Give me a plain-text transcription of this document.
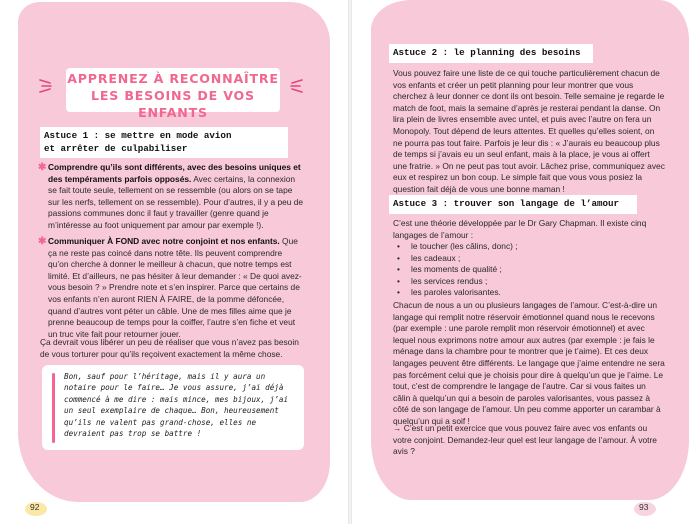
APPRENEZ À RECONNAÎTRE
LES BESOINS DE VOS ENFANTS
Astuce 1 : se mettre en mode avion
et arrêter de culpabiliser
✱ Comprendre qu’ils sont différents, avec des besoins uniques et des tempéraments parfois opposés. Avec certains, la connexion se fait toute seule, tellement on se ressemble (ou alors on se tape sur les nerfs, tellement on se ressemble). Pour d’autres, il y a peu de passions communes donc il faut y travailler (genre quand je m’intéresse au foot uniquement par amour par exemple !).
✱ Communiquer À FOND avec notre conjoint et nos enfants. Que ça ne reste pas coincé dans notre tête. Ils peuvent comprendre qu’on cherche à donner le meilleur à chacun, que notre temps est limité. Et d’ailleurs, ne pas hésiter à leur demander : « De quoi avez-vous besoin ? » Prendre note et s’en inspirer. Parce que certains de vos enfants n’en auront RIEN À FAIRE, de la pomme défoncée, quand d’autres vont péter un câble. Une de mes filles aime que je prenne beaucoup de temps pour la coiffer, l’autre s’en fiche et veut un truc vite fait pour retourner jouer.
Ça devrait vous libérer un peu de réaliser que vous n’avez pas besoin de vous torturer pour qu’ils reçoivent exactement la même chose.
Bon, sauf pour l’héritage, mais il y aura un notaire pour le faire… Je vous assure, j’ai déjà commencé à me dire : mais mince, mes bijoux, j’ai un seul exemplaire de chaque… Bon, heureusement qu’ils ne valent pas grand-chose, elles ne devraient pas trop se battre !
92
Astuce 2 : le planning des besoins
Vous pouvez faire une liste de ce qui touche particulièrement chacun de vos enfants et créer un petit planning pour leur montrer que vous cherchez à leur donner ce dont ils ont besoin. Telle semaine je regarde le match de foot, mais la semaine d’après je resterai pendant la danse. On lira plein de livres ensemble avec untel, et puis avec l’autre on fera un Monopoly. Tout dépend de leurs attentes. Et quelles qu’elles soient, on ne pourra pas tout faire. Parfois je leur dis : « J’aurais eu beaucoup plus de temps si j’avais eu un seul enfant, mais à la place, je vous ai offert une fratrie. » On ne peut pas tout avoir. Lâchez prise, communiquez avec eux et respirez un bon coup. Le simple fait que vous vous posiez la question fait déjà de vous une bonne maman !
Astuce 3 : trouver son langage de l’amour
C’est une théorie développée par le Dr Gary Chapman. Il existe cinq langages de l’amour :
• le toucher (les câlins, donc) ;
• les cadeaux ;
• les moments de qualité ;
• les services rendus ;
• les paroles valorisantes.
Chacun de nous a un ou plusieurs langages de l’amour. C’est-à-dire un langage qui remplit notre réservoir émotionnel quand nous le recevons (par exemple : une parole remplit mon réservoir émotionnel) et avec lequel nous exprimons notre amour aux autres (par exemple : je fais le ménage dans la chambre pour te montrer que je t’aime). Et ces deux langages peuvent être différents. Le langage que j’aime entendre ne sera pas forcément celui que je choisis pour dire à quelqu’un que je l’aime. Le tout, c’est de comprendre le langage de l’autre. Car si vous faites un câlin à quelqu’un qui a besoin de paroles valorisantes, vous passez à côté de son langage de l’amour. Un peu comme apporter un carambar à quelqu’un qui a soif !
→ C’est un petit exercice que vous pouvez faire avec vos enfants ou votre conjoint. Demandez-leur quel est leur langage de l’amour. À votre avis ?
93
